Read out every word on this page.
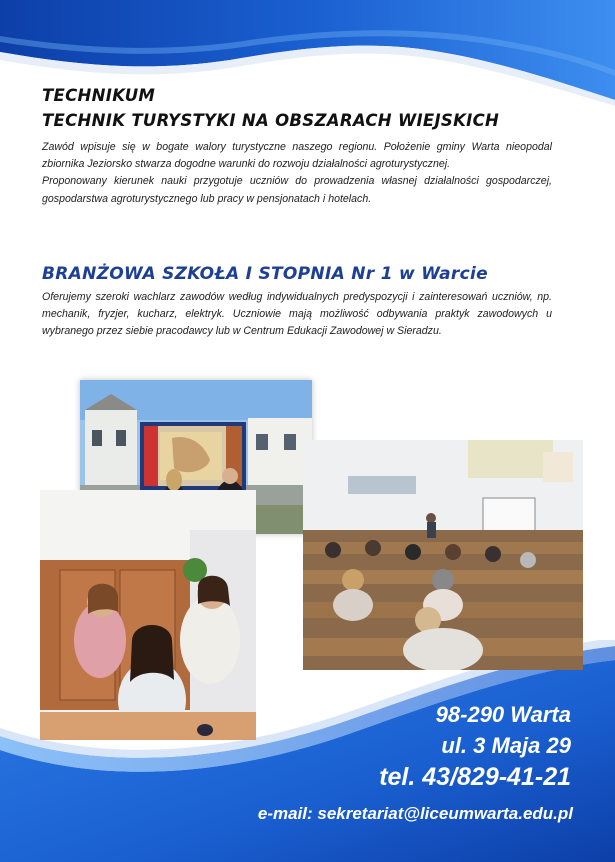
TECHNIKUM
TECHNIK TURYSTYKI NA OBSZARACH WIEJSKICH

Zawód wpisuje się w bogate walory turystyczne naszego regionu. Położenie gminy Warta nieopodal zbiornika Jeziorsko stwarza dogodne warunki do rozwoju działalności agroturystycznej.

Proponowany kierunek nauki przygotuje uczniów do prowadzenia własnej działalności gospodarczej, gospodarstwa agroturystycznego lub pracy w pensjonatach i hotelach.

BRANŻOWA SZKOŁA I STOPNIA Nr 1 w Warcie

Oferujemy szeroki wachlarz zawodów według indywidualnych predyspozycji i zainteresowań uczniów, np. mechanik, fryzjer, kucharz, elektryk. Uczniowie mają możliwość odbywania praktyk zawodowych u wybranego przez siebie pracodawcy lub w Centrum Edukacji Zawodowej w Sieradzu.

98-290 Warta

ul. 3 Maja 29

tel. 43/829-41-21

e-mail: sekretariat@liceumwarta.edu.pl
